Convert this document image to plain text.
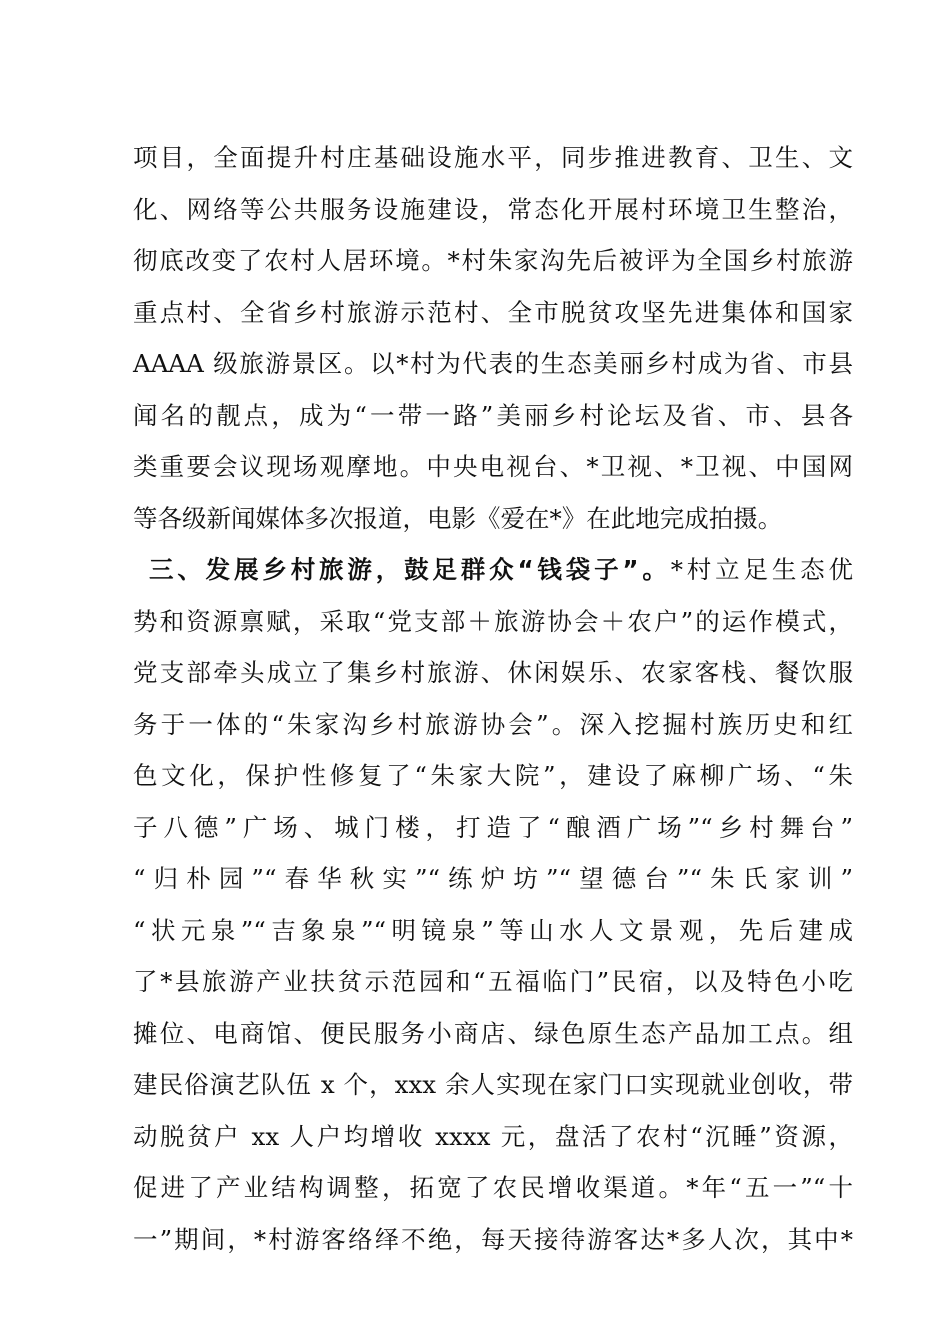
项目，全面提升村庄基础设施水平，同步推进教育、卫生、文
化、网络等公共服务设施建设，常态化开展村环境卫生整治，
彻底改变了农村人居环境。*村朱家沟先后被评为全国乡村旅游
重点村、全省乡村旅游示范村、全市脱贫攻坚先进集体和国家
AAAA 级旅游景区。以*村为代表的生态美丽乡村成为省、市县
闻名的靓点，成为“一带一路”美丽乡村论坛及省、市、县各
类重要会议现场观摩地。中央电视台、*卫视、*卫视、中国网
等各级新闻媒体多次报道，电影《爱在*》在此地完成拍摄。
三、发展乡村旅游，鼓足群众“钱袋子”。*村立足生态优
势和资源禀赋，采取“党支部＋旅游协会＋农户”的运作模式，
党支部牵头成立了集乡村旅游、休闲娱乐、农家客栈、餐饮服
务于一体的“朱家沟乡村旅游协会”。深入挖掘村族历史和红
色文化，保护性修复了“朱家大院”，建设了麻柳广场、“朱
子八德”广场、城门楼，打造了“酿酒广场”“乡村舞台”
“归朴园”“春华秋实”“练炉坊”“望德台”“朱氏家训”
“状元泉”“吉象泉”“明镜泉”等山水人文景观，先后建成
了*县旅游产业扶贫示范园和“五福临门”民宿，以及特色小吃
摊位、电商馆、便民服务小商店、绿色原生态产品加工点。组
建民俗演艺队伍 x 个，xxx 余人实现在家门口实现就业创收，带
动脱贫户 xx 人户均增收 xxxx 元，盘活了农村“沉睡”资源，
促进了产业结构调整，拓宽了农民增收渠道。*年“五一”“十
一”期间，*村游客络绎不绝，每天接待游客达*多人次，其中*
